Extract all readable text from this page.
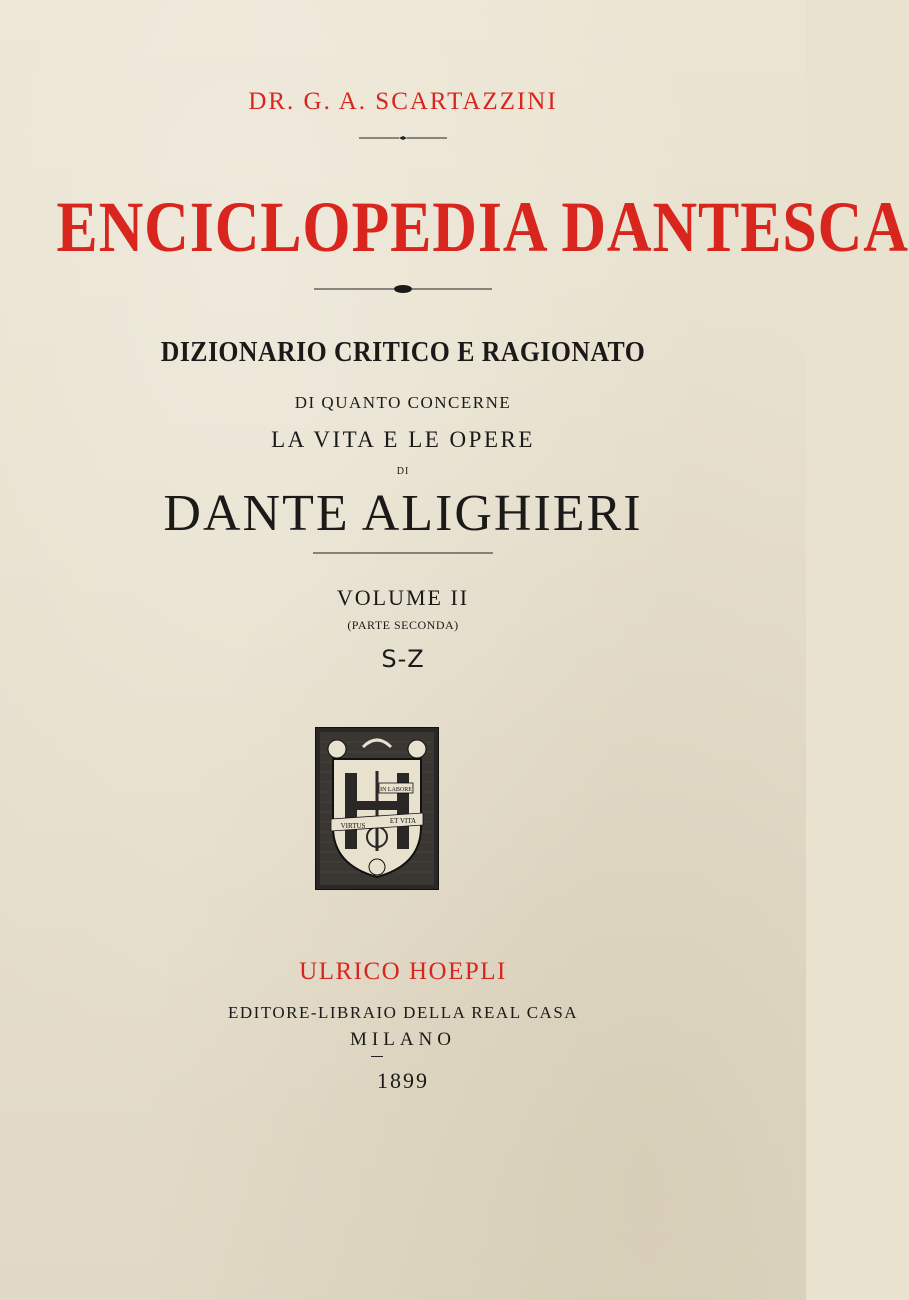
DR. G. A. SCARTAZZINI
ENCICLOPEDIA DANTESCA
DIZIONARIO CRITICO E RAGIONATO
DI QUANTO CONCERNE
LA VITA E LE OPERE
DI
DANTE ALIGHIERI
VOLUME II
(PARTE SECONDA)
S-Z
IN LABORE
VIRTUS
ET VITA
ULRICO HOEPLI
EDITORE-LIBRAIO DELLA REAL CASA
MILANO
1899
